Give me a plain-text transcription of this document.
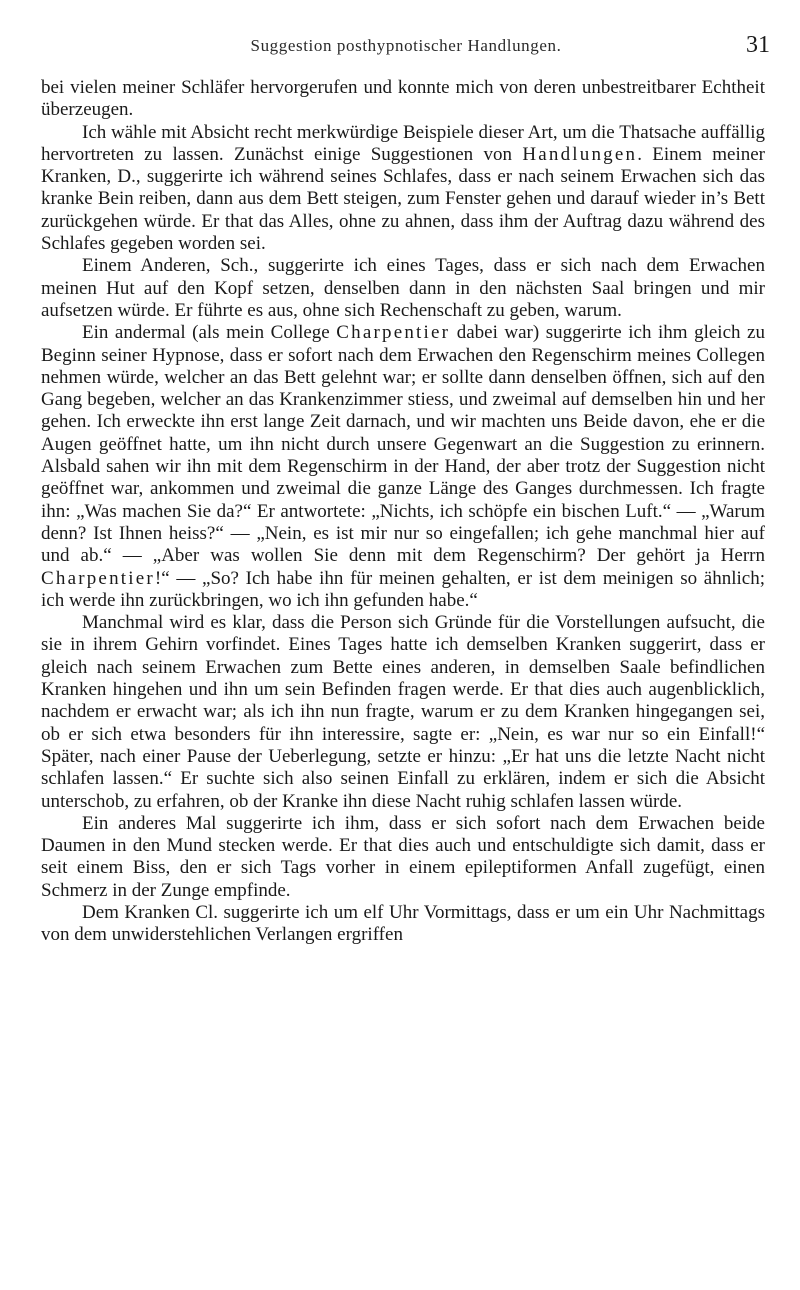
Suggestion posthypnotischer Handlungen.	31

bei vielen meiner Schläfer hervorgerufen und konnte mich von deren unbestreitbarer Echtheit überzeugen.

Ich wähle mit Absicht recht merkwürdige Beispiele dieser Art, um die Thatsache auffällig hervortreten zu lassen. Zunächst einige Suggestionen von Handlungen. Einem meiner Kranken, D., suggerirte ich während seines Schlafes, dass er nach seinem Erwachen sich das kranke Bein reiben, dann aus dem Bett steigen, zum Fenster gehen und darauf wieder in’s Bett zurückgehen würde. Er that das Alles, ohne zu ahnen, dass ihm der Auftrag dazu während des Schlafes gegeben worden sei.

Einem Anderen, Sch., suggerirte ich eines Tages, dass er sich nach dem Erwachen meinen Hut auf den Kopf setzen, denselben dann in den nächsten Saal bringen und mir aufsetzen würde. Er führte es aus, ohne sich Rechenschaft zu geben, warum.

Ein andermal (als mein College Charpentier dabei war) suggerirte ich ihm gleich zu Beginn seiner Hypnose, dass er sofort nach dem Erwachen den Regenschirm meines Collegen nehmen würde, welcher an das Bett gelehnt war; er sollte dann denselben öffnen, sich auf den Gang begeben, welcher an das Krankenzimmer stiess, und zweimal auf demselben hin und her gehen. Ich erweckte ihn erst lange Zeit darnach, und wir machten uns Beide davon, ehe er die Augen geöffnet hatte, um ihn nicht durch unsere Gegenwart an die Suggestion zu erinnern. Alsbald sahen wir ihn mit dem Regenschirm in der Hand, der aber trotz der Suggestion nicht geöffnet war, ankommen und zweimal die ganze Länge des Ganges durchmessen. Ich fragte ihn: „Was machen Sie da?“ Er antwortete: „Nichts, ich schöpfe ein bischen Luft.“ — „Warum denn? Ist Ihnen heiss?“ — „Nein, es ist mir nur so eingefallen; ich gehe manchmal hier auf und ab.“ — „Aber was wollen Sie denn mit dem Regenschirm? Der gehört ja Herrn Charpentier!“ — „So? Ich habe ihn für meinen gehalten, er ist dem meinigen so ähnlich; ich werde ihn zurückbringen, wo ich ihn gefunden habe.“

Manchmal wird es klar, dass die Person sich Gründe für die Vorstellungen aufsucht, die sie in ihrem Gehirn vorfindet. Eines Tages hatte ich demselben Kranken suggerirt, dass er gleich nach seinem Erwachen zum Bette eines anderen, in demselben Saale befindlichen Kranken hingehen und ihn um sein Befinden fragen werde. Er that dies auch augenblicklich, nachdem er erwacht war; als ich ihn nun fragte, warum er zu dem Kranken hingegangen sei, ob er sich etwa besonders für ihn interessire, sagte er: „Nein, es war nur so ein Einfall!“ Später, nach einer Pause der Ueberlegung, setzte er hinzu: „Er hat uns die letzte Nacht nicht schlafen lassen.“ Er suchte sich also seinen Einfall zu erklären, indem er sich die Absicht unterschob, zu erfahren, ob der Kranke ihn diese Nacht ruhig schlafen lassen würde.

Ein anderes Mal suggerirte ich ihm, dass er sich sofort nach dem Erwachen beide Daumen in den Mund stecken werde. Er that dies auch und entschuldigte sich damit, dass er seit einem Biss, den er sich Tags vorher in einem epileptiformen Anfall zugefügt, einen Schmerz in der Zunge empfinde.

Dem Kranken Cl. suggerirte ich um elf Uhr Vormittags, dass er um ein Uhr Nachmittags von dem unwiderstehlichen Verlangen ergriffen
